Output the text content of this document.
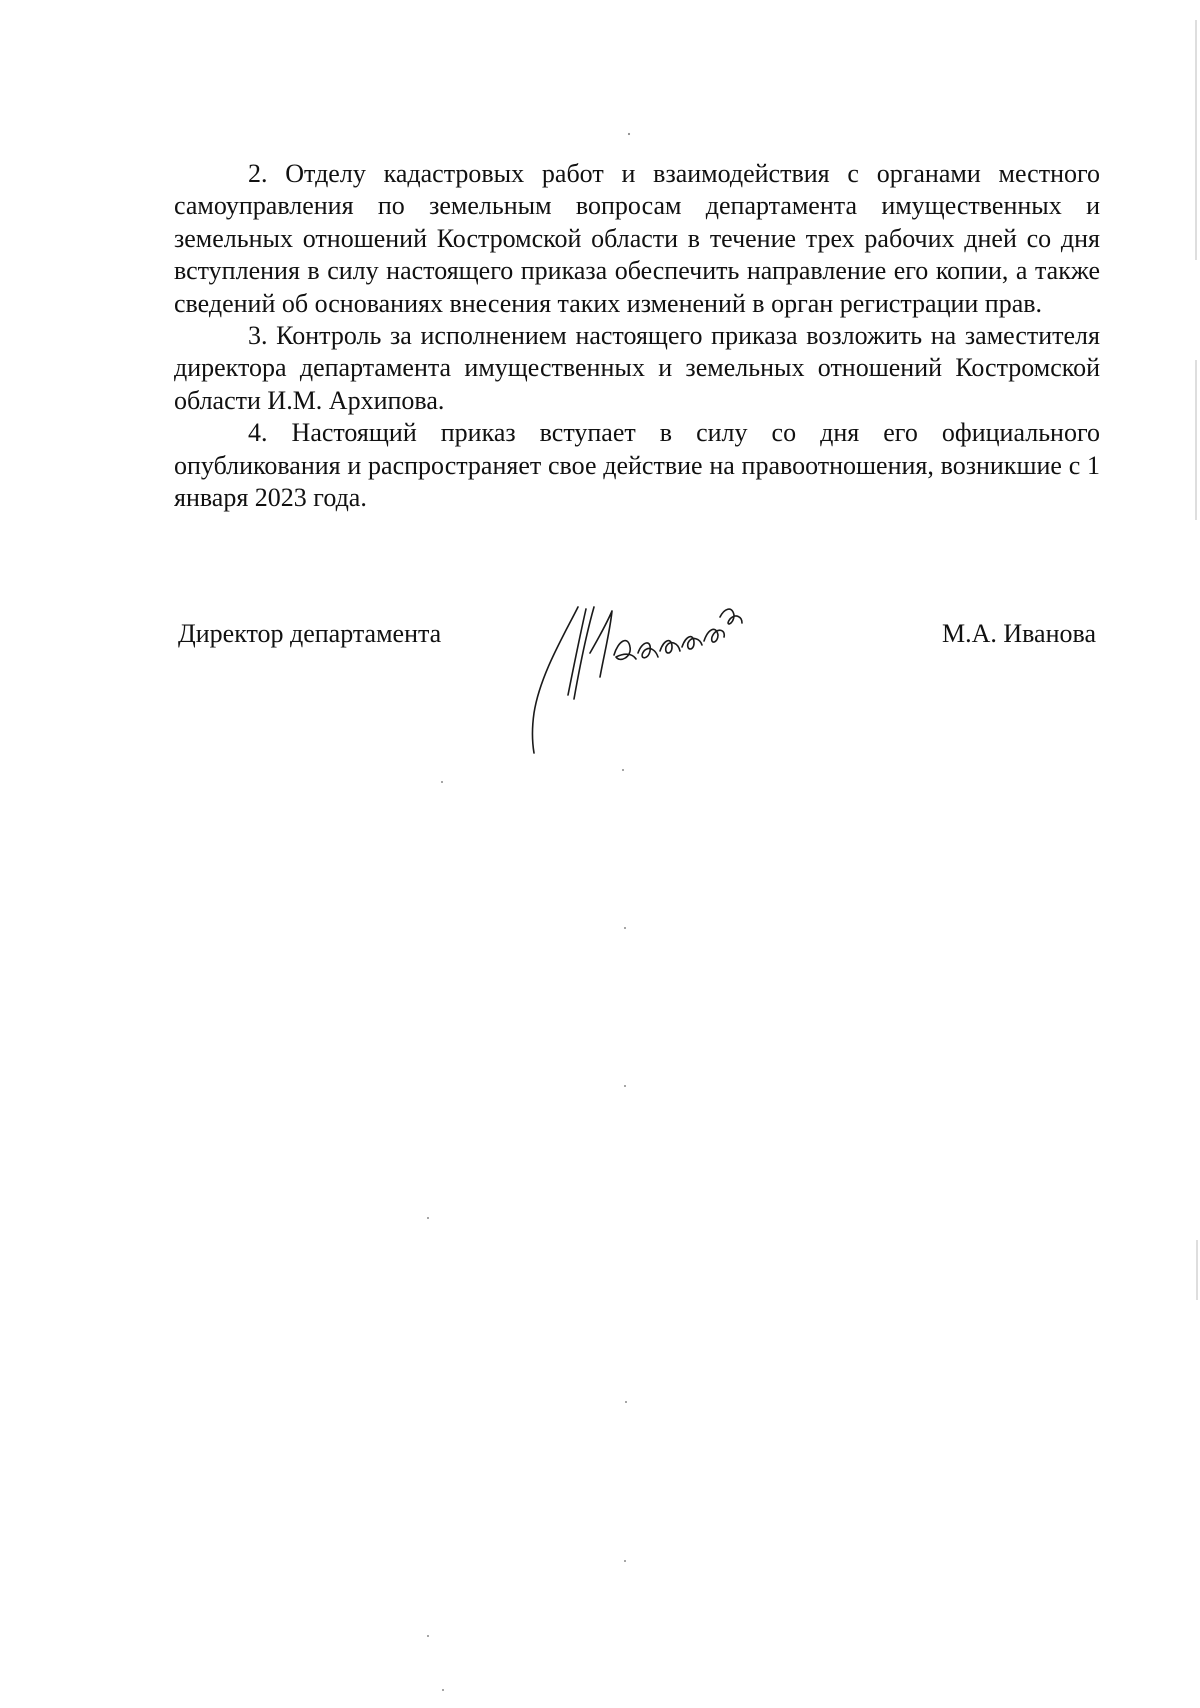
2. Отделу кадастровых работ и взаимодействия с органами местного самоуправления по земельным вопросам департамента имущественных и земельных отношений Костромской области в течение трех рабочих дней со дня вступления в силу настоящего приказа обеспечить направление его копии, а также сведений об основаниях внесения таких изменений в орган регистрации прав.

3. Контроль за исполнением настоящего приказа возложить на заместителя директора департамента имущественных и земельных отношений Костромской области И.М. Архипова.

4. Настоящий приказ вступает в силу со дня его официального опубликования и распространяет свое действие на правоотношения, возникшие с 1 января 2023 года.

Директор департамента	М.А. Иванова
